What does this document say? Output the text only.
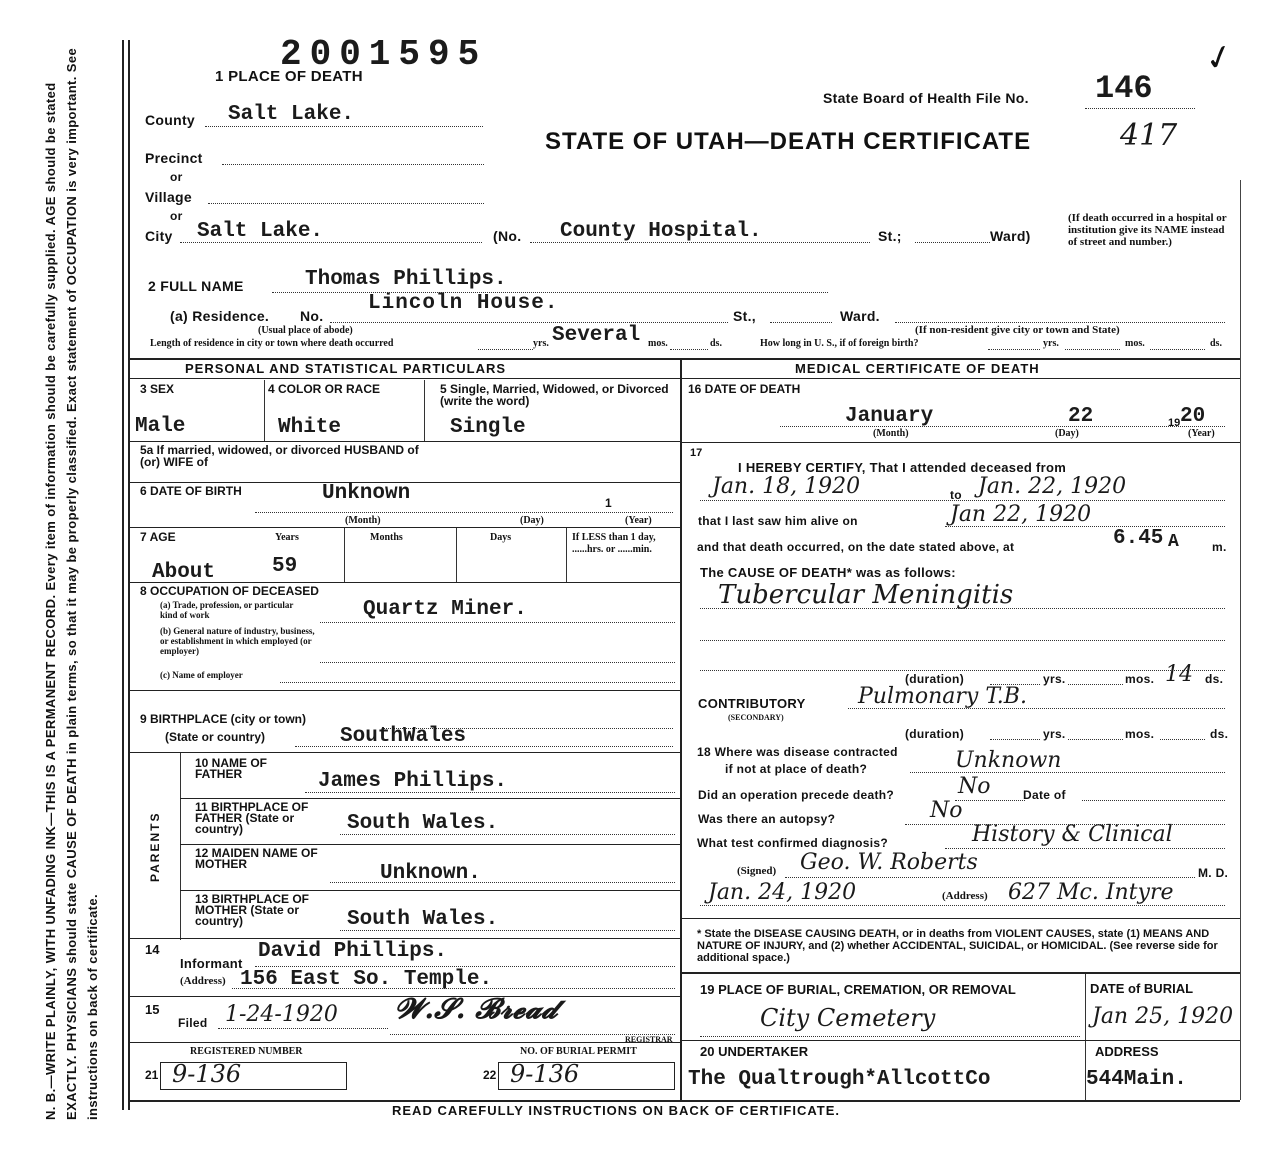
N. B.—WRITE PLAINLY, WITH UNFADING INK—THIS IS A PERMANENT RECORD. Every item of information should be carefully supplied. AGE should be stated EXACTLY. PHYSICIANS should state CAUSE OF DEATH in plain terms, so that it may be properly classified. Exact statement of OCCUPATION is very important. See instructions on back of certificate.
2001595
1 PLACE OF DEATH
State Board of Health File No. 146
417
✓
STATE OF UTAH—DEATH CERTIFICATE
County Salt Lake.
Precinct
or
Village
or
City Salt Lake.	(No. County Hospital.	St.;	Ward)
(If death occurred in a hospital or institution give its NAME instead of street and number.)
2 FULL NAME	Thomas Phillips.
(a) Residence. No.
Lincoln House.
St.,	Ward.
(Usual place of abode)	(If non-resident give city or town and State)
Length of residence in city or town where death occurred	yrs. Several mos.	ds.	How long in U. S., if of foreign birth?	yrs.	mos.	ds.
PERSONAL AND STATISTICAL PARTICULARS
3 SEX
Male
4 COLOR OR RACE
White
5 Single, Married, Widowed, or Divorced (write the word)
Single
5a If married, widowed, or divorced HUSBAND of (or) WIFE of
6 DATE OF BIRTH	Unknown	1
(Month)	(Day)	(Year)
7 AGE	Years	Months	Days	If LESS than 1 day, ......hrs. or ......min.
About	59
8 OCCUPATION OF DECEASED
(a) Trade, profession, or particular kind of work	Quartz Miner.
(b) General nature of industry, business, or establishment in which employed (or employer)
(c) Name of employer
9 BIRTHPLACE (city or town)
(State or country)	SouthWales
PARENTS
10 NAME OF FATHER	James Phillips.
11 BIRTHPLACE OF FATHER (State or country)	South Wales.
12 MAIDEN NAME OF MOTHER	Unknown.
13 BIRTHPLACE OF MOTHER (State or country)	South Wales.
14
Informant
David Phillips.
(Address) 156 East So. Temple.
15
Filed 1-24-1920 𝓦.𝓢. 𝓑𝓻𝓮𝓪𝓭
REGISTRAR
REGISTERED NUMBER	NO. OF BURIAL PERMIT
21 9-136	22 9-136
MEDICAL CERTIFICATE OF DEATH
16 DATE OF DEATH
January	22	19 20
(Month)	(Day)	(Year)
17
I HEREBY CERTIFY, That I attended deceased from
Jan. 18, 1920	to Jan. 22, 1920
that I last saw him alive on	Jan 22, 1920
and that death occurred, on the date stated above, at	6.45 A	m.
The CAUSE OF DEATH* was as follows:
Tubercular Meningitis
(duration)	yrs.	mos. 14 ds.
CONTRIBUTORY
(SECONDARY)
Pulmonary T.B.
(duration)	yrs.	mos.	ds.
18 Where was disease contracted
if not at place of death?	Unknown
Did an operation precede death?	No	Date of
Was there an autopsy?	No
What test confirmed diagnosis?	History & Clinical
(Signed) Geo. W. Roberts	M. D.
Jan. 24, 1920	(Address) 627 Mc. Intyre
* State the DISEASE CAUSING DEATH, or in deaths from VIOLENT CAUSES, state (1) MEANS AND NATURE OF INJURY, and (2) whether ACCIDENTAL, SUICIDAL, or HOMICIDAL. (See reverse side for additional space.)
19 PLACE OF BURIAL, CREMATION, OR REMOVAL
City Cemetery
DATE of BURIAL
Jan 25, 1920
20 UNDERTAKER
The Qualtrough*AllcottCo
ADDRESS
544Main.
READ CAREFULLY INSTRUCTIONS ON BACK OF CERTIFICATE.
